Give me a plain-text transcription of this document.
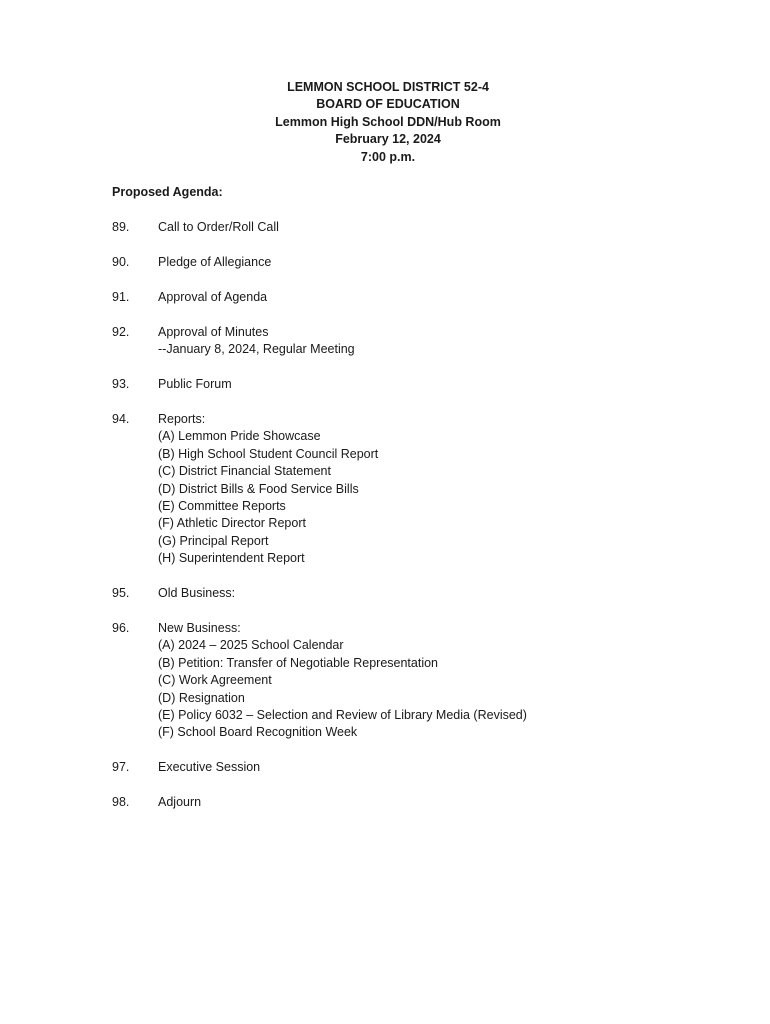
LEMMON SCHOOL DISTRICT 52-4
BOARD OF EDUCATION
Lemmon High School DDN/Hub Room
February 12, 2024
7:00 p.m.
Proposed Agenda:
89.	Call to Order/Roll Call
90.	Pledge of Allegiance
91.	Approval of Agenda
92.	Approval of Minutes
--January 8, 2024, Regular Meeting
93.	Public Forum
94.	Reports:
(A) Lemmon Pride Showcase
(B) High School Student Council Report
(C) District Financial Statement
(D) District Bills & Food Service Bills
(E) Committee Reports
(F) Athletic Director Report
(G) Principal Report
(H) Superintendent Report
95.	Old Business:
96.	New Business:
(A) 2024 – 2025 School Calendar
(B) Petition: Transfer of Negotiable Representation
(C) Work Agreement
(D) Resignation
(E) Policy 6032 – Selection and Review of Library Media (Revised)
(F) School Board Recognition Week
97.	Executive Session
98.	Adjourn
